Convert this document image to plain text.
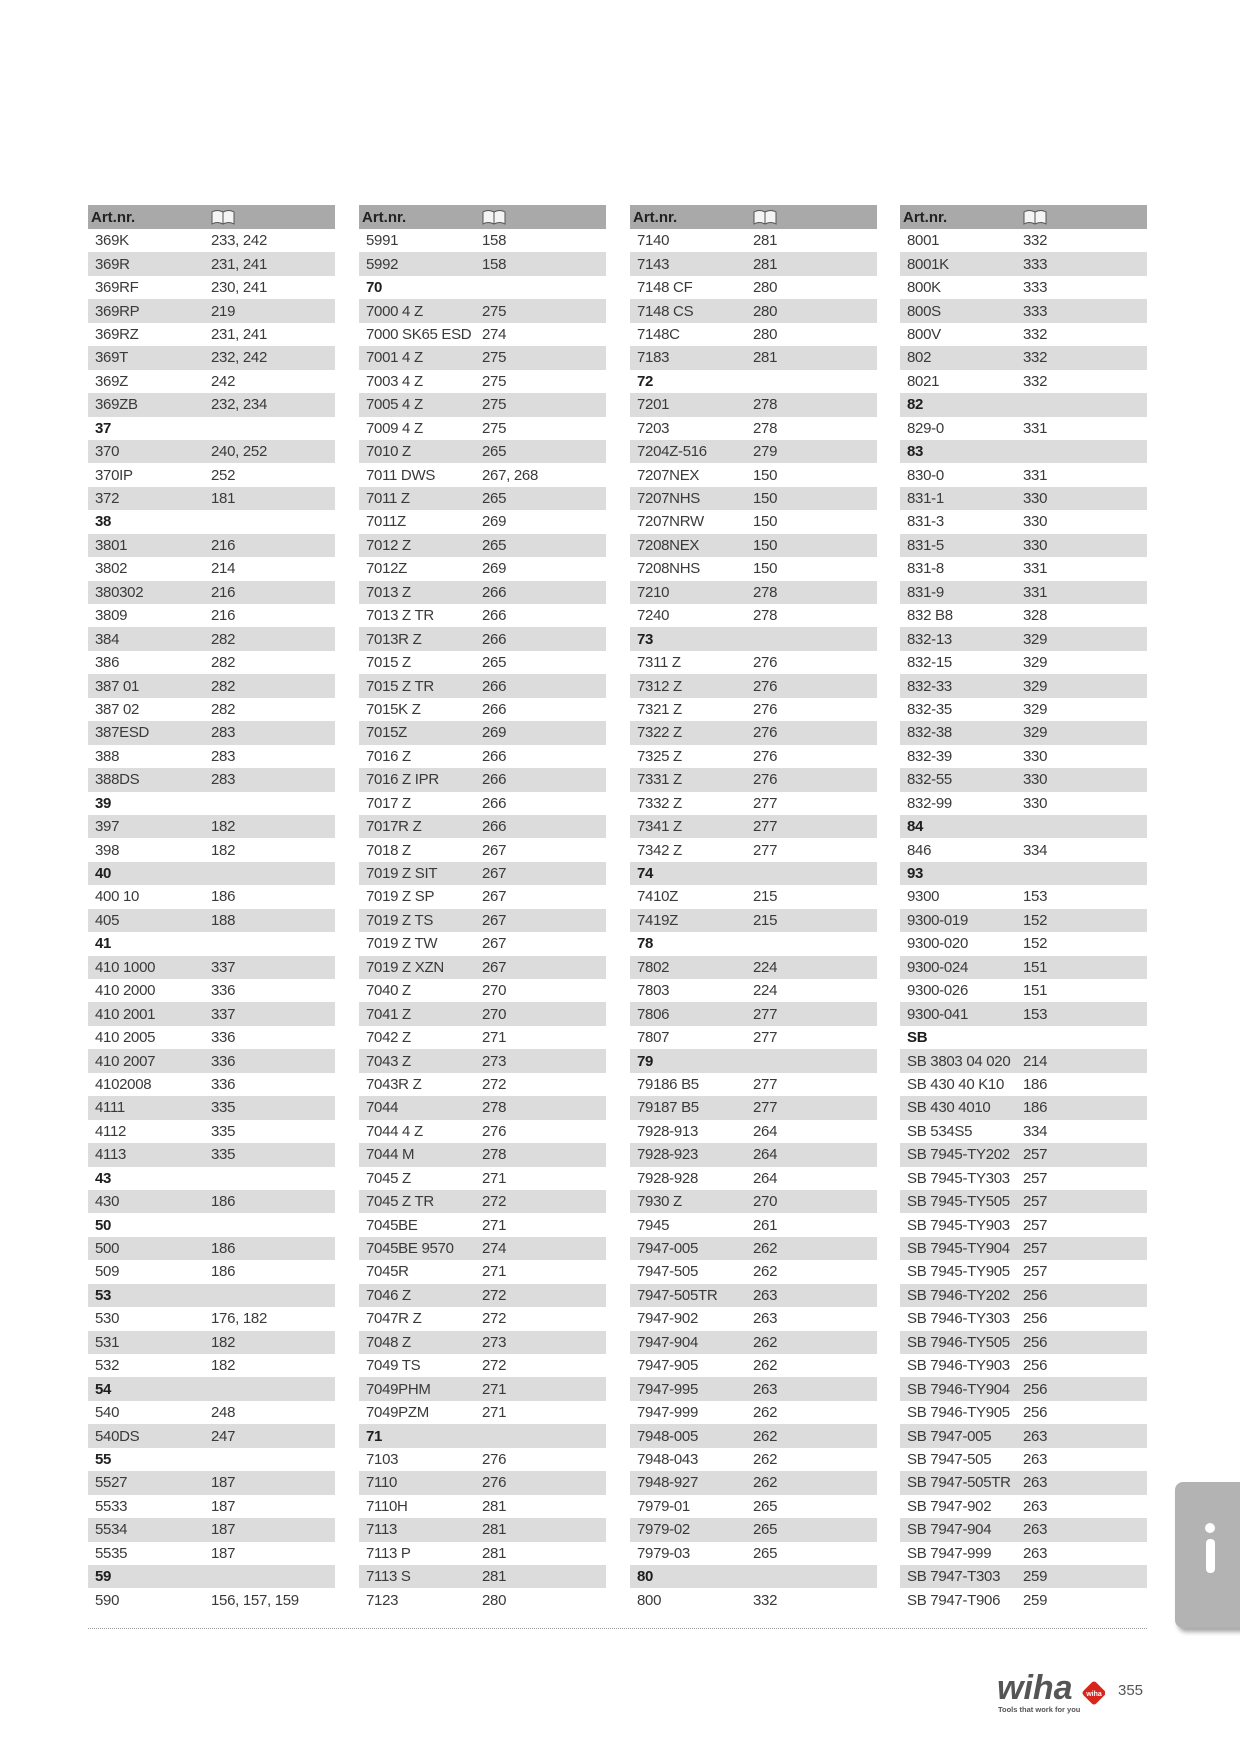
Art.nr.
369K	233, 242
369R	231, 241
369RF	230, 241
369RP	219
369RZ	231, 241
369T	232, 242
369Z	242
369ZB	232, 234
37
370	240, 252
370IP	252
372	181
38
3801	216
3802	214
380302	216
3809	216
384	282
386	282
387 01	282
387 02	282
387ESD	283
388	283
388DS	283
39
397	182
398	182
40
400 10	186
405	188
41
410 1000	337
410 2000	336
410 2001	337
410 2005	336
410 2007	336
4102008	336
4111	335
4112	335
4113	335
43
430	186
50
500	186
509	186
53
530	176, 182
531	182
532	182
54
540	248
540DS	247
55
5527	187
5533	187
5534	187
5535	187
59
590	156, 157, 159
Art.nr.
5991	158
5992	158
70
7000 4 Z	275
7000 SK65 ESD 274
7001 4 Z	275
7003 4 Z	275
7005 4 Z	275
7009 4 Z	275
7010 Z	265
7011 DWS	267, 268
7011 Z	265
7011Z	269
7012 Z	265
7012Z	269
7013 Z	266
7013 Z TR	266
7013R Z	266
7015 Z	265
7015 Z TR	266
7015K Z	266
7015Z	269
7016 Z	266
7016 Z IPR	266
7017 Z	266
7017R Z	266
7018 Z	267
7019 Z SIT	267
7019 Z SP	267
7019 Z TS	267
7019 Z TW	267
7019 Z XZN	267
7040 Z	270
7041 Z	270
7042 Z	271
7043 Z	273
7043R Z	272
7044	278
7044 4 Z	276
7044 M	278
7045 Z	271
7045 Z TR	272
7045BE	271
7045BE 9570	274
7045R	271
7046 Z	272
7047R Z	272
7048 Z	273
7049 TS	272
7049PHM	271
7049PZM	271
71
7103	276
7110	276
7110H	281
7113	281
7113 P	281
7113 S	281
7123	280
Art.nr.
7140	281
7143	281
7148 CF	280
7148 CS	280
7148C	280
7183	281
72
7201	278
7203	278
7204Z-516	279
7207NEX	150
7207NHS	150
7207NRW	150
7208NEX	150
7208NHS	150
7210	278
7240	278
73
7311 Z	276
7312 Z	276
7321 Z	276
7322 Z	276
7325 Z	276
7331 Z	276
7332 Z	277
7341 Z	277
7342 Z	277
74
7410Z	215
7419Z	215
78
7802	224
7803	224
7806	277
7807	277
79
79186 B5	277
79187 B5	277
7928-913	264
7928-923	264
7928-928	264
7930 Z	270
7945	261
7947-005	262
7947-505	262
7947-505TR	263
7947-902	263
7947-904	262
7947-905	262
7947-995	263
7947-999	262
7948-005	262
7948-043	262
7948-927	262
7979-01	265
7979-02	265
7979-03	265
80
800	332
Art.nr.
8001	332
8001K	333
800K	333
800S	333
800V	332
802	332
8021	332
82
829-0	331
83
830-0	331
831-1	330
831-3	330
831-5	330
831-8	331
831-9	331
832 B8	328
832-13	329
832-15	329
832-33	329
832-35	329
832-38	329
832-39	330
832-55	330
832-99	330
84
846	334
93
9300	153
9300-019	152
9300-020	152
9300-024	151
9300-026	151
9300-041	153
SB
SB 3803 04 020 214
SB 430 40 K10	186
SB 430 4010	186
SB 534S5	334
SB 7945-TY202 257
SB 7945-TY303 257
SB 7945-TY505 257
SB 7945-TY903 257
SB 7945-TY904 257
SB 7945-TY905 257
SB 7946-TY202 256
SB 7946-TY303 256
SB 7946-TY505 256
SB 7946-TY903 256
SB 7946-TY904 256
SB 7946-TY905 256
SB 7947-005	263
SB 7947-505	263
SB 7947-505TR 263
SB 7947-902	263
SB 7947-904	263
SB 7947-999	263
SB 7947-T303	259
SB 7947-T906	259
wiha wiha
Tools that work for you
355
